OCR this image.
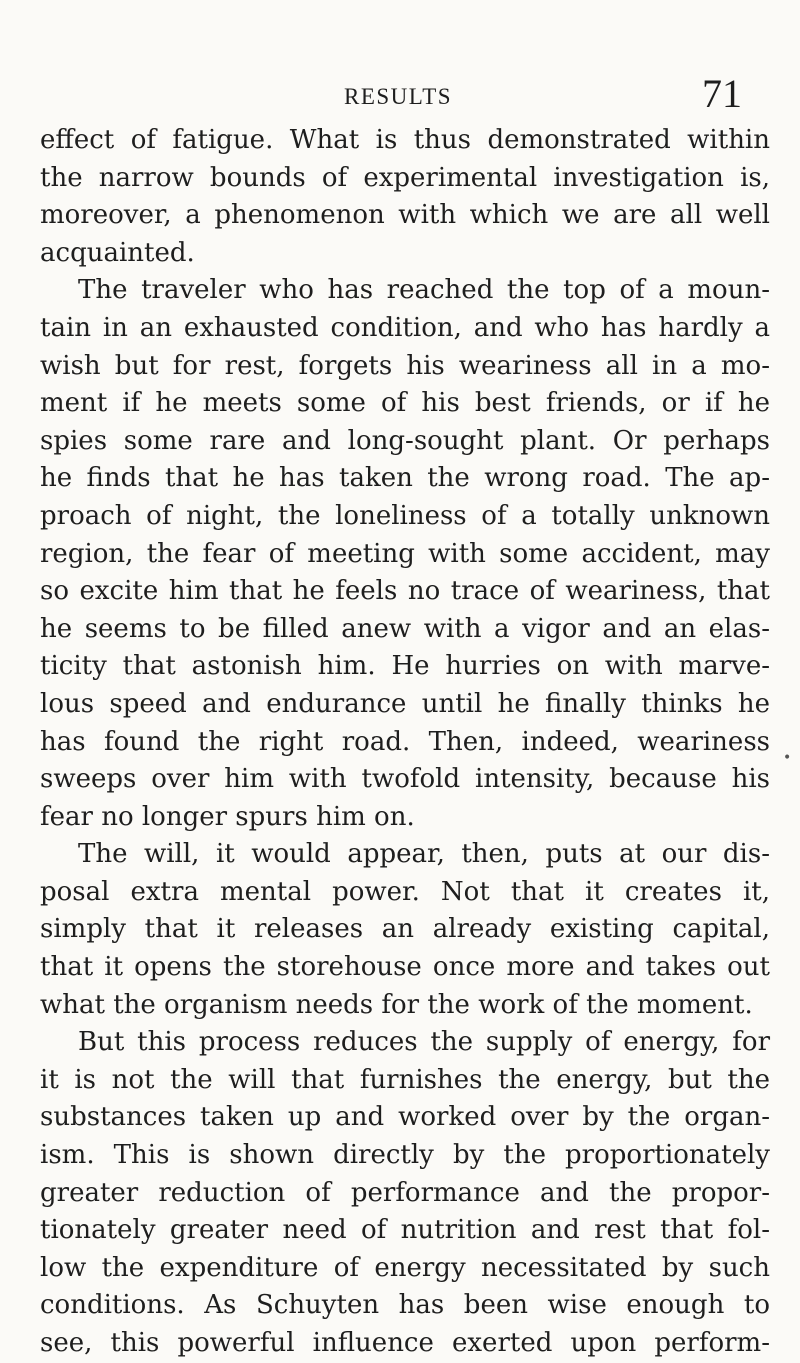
RESULTS	71
effect of fatigue. What is thus demonstrated within
the narrow bounds of experimental investigation is,
moreover, a phenomenon with which we are all well
acquainted.
The traveler who has reached the top of a moun-
tain in an exhausted condition, and who has hardly a
wish but for rest, forgets his weariness all in a mo-
ment if he meets some of his best friends, or if he
spies some rare and long-sought plant. Or perhaps
he finds that he has taken the wrong road. The ap-
proach of night, the loneliness of a totally unknown
region, the fear of meeting with some accident, may
so excite him that he feels no trace of weariness, that
he seems to be filled anew with a vigor and an elas-
ticity that astonish him. He hurries on with marve-
lous speed and endurance until he finally thinks he
has found the right road. Then, indeed, weariness
sweeps over him with twofold intensity, because his
fear no longer spurs him on.
The will, it would appear, then, puts at our dis-
posal extra mental power. Not that it creates it,
simply that it releases an already existing capital,
that it opens the storehouse once more and takes out
what the organism needs for the work of the moment.
But this process reduces the supply of energy, for
it is not the will that furnishes the energy, but the
substances taken up and worked over by the organ-
ism. This is shown directly by the proportionately
greater reduction of performance and the propor-
tionately greater need of nutrition and rest that fol-
low the expenditure of energy necessitated by such
conditions. As Schuyten has been wise enough to
see, this powerful influence exerted upon perform-
•
